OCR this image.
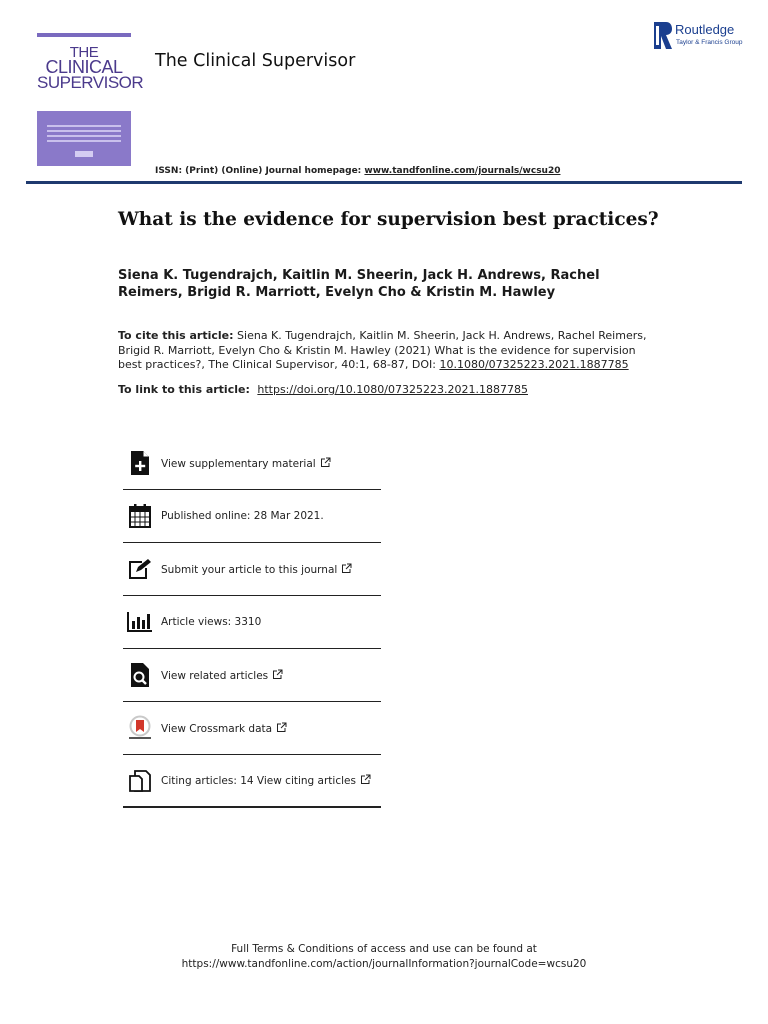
THE
CLINICAL
SUPERVISOR
The Clinical Supervisor
Routledge
Taylor & Francis Group
ISSN: (Print) (Online) Journal homepage: www.tandfonline.com/journals/wcsu20
What is the evidence for supervision best practices?
Siena K. Tugendrajch, Kaitlin M. Sheerin, Jack H. Andrews, Rachel Reimers, Brigid R. Marriott, Evelyn Cho & Kristin M. Hawley
To cite this article: Siena K. Tugendrajch, Kaitlin M. Sheerin, Jack H. Andrews, Rachel Reimers, Brigid R. Marriott, Evelyn Cho & Kristin M. Hawley (2021) What is the evidence for supervision best practices?, The Clinical Supervisor, 40:1, 68-87, DOI: 10.1080/07325223.2021.1887785
To link to this article: https://doi.org/10.1080/07325223.2021.1887785
View supplementary material
Published online: 28 Mar 2021.
Submit your article to this journal
Article views: 3310
View related articles
View Crossmark data
Citing articles: 14 View citing articles
Full Terms & Conditions of access and use can be found at
https://www.tandfonline.com/action/journalInformation?journalCode=wcsu20
